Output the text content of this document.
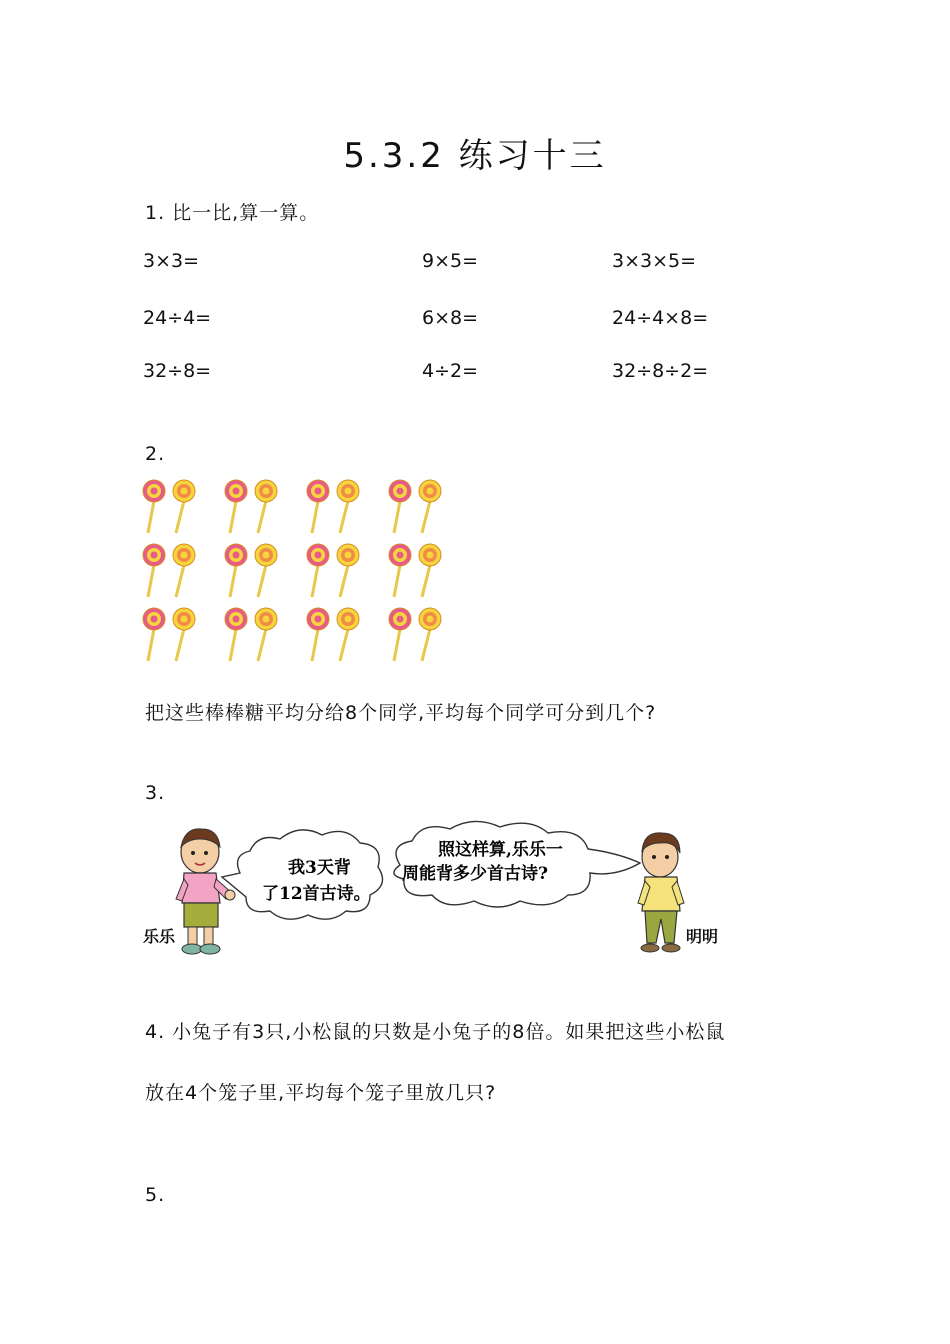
5.3.2 练习十三
1. 比一比,算一算。
3×3=	9×5=	3×3×5=
24÷4=	6×8=	24÷4×8=
32÷8=	4÷2=	32÷8÷2=
2.
把这些棒棒糖平均分给8个同学,平均每个同学可分到几个?
3.
我3天背
了12首古诗。
照这样算,乐乐一
周能背多少首古诗?
乐乐	明明
4. 小兔子有3只,小松鼠的只数是小兔子的8倍。如果把这些小松鼠
放在4个笼子里,平均每个笼子里放几只?
5.
